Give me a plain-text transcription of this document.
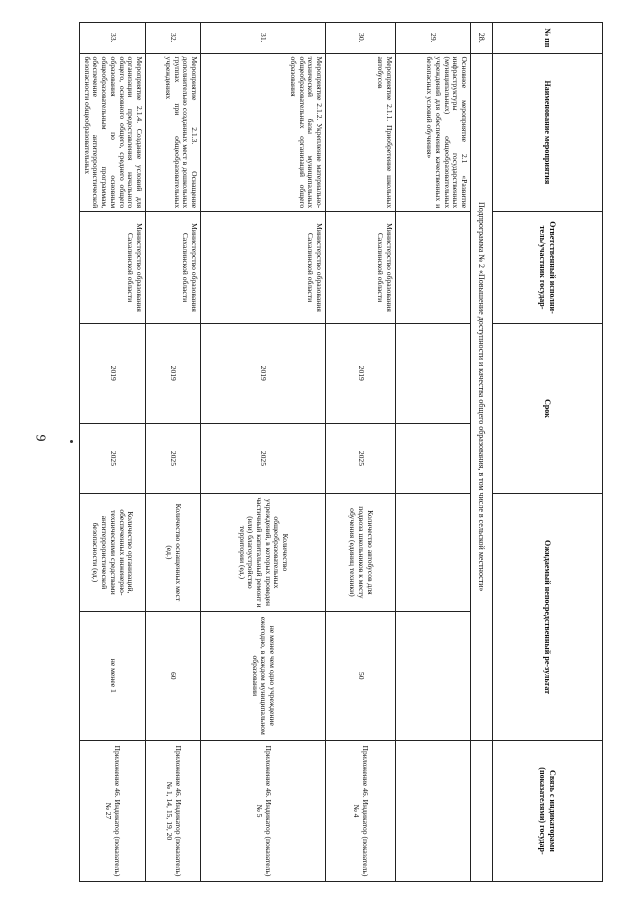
9
№ пп	Наименование мероприятия	Ответственный исполни-тель/участник государ-	Срок		Ожидаемый непосредственный ре-зультат		Связь с индикаторами (показателями) государ-
28.	Подпрограмма № 2 «Повышение доступности и качества общего образования, в том числе в сельской местности»						
29.	Основное мероприятие 2.1 «Развитие инфраструктуры государственных (муниципальных) общеобразовательных учреждений для обеспечения качественных и безопасных условий обучения»						
30.	Мероприятие 2.1.1. Приобретение школьных автобусов	Министерство образования Сахалинской области	2019	2025	Количество автобусов для подвоза школьников к месту обучения (единиц техники)	50	Приложение 46. Индикатор (показатель) № 4
31.	Мероприятие 2.1.2. Укрепление материально-технической базы муниципальных общеобразовательных организаций общего образования	Министерство образования Сахалинской области	2019	2025	Количество общеобразовательных учреждений, в которых проведен частичный капитальный ремонт и (или) благоустройство территории (ед.)	не менее чем одно учреждение ежегодно, в каждом муниципальном образовании	Приложение 46. Индикатор (показатель) № 5
32.	Мероприятие 2.1.3. Оснащение дополнительно созданных мест в дошкольных группах при общеобразовательных учреждениях	Министерство образования Сахалинской области	2019	2025	Количество оснащенных мест (ед.)	60	Приложение 46. Индикатор (показатель) № 1, 14, 15, 19, 20
33.	Мероприятие 2.1.4. Создание условий для организации предоставления начального общего, основного общего, среднего общего образования по основным общеобразовательным программам, обеспечение антитеррористической безопасности общеобразовательных	Министерство образования Сахалинской области	2019	2025	Количество организаций, обеспеченных инженерно-техническими средствами антитеррористической безопасности (ед.)	не менее 1	Приложение 46. Индикатор (показатель) № 27
